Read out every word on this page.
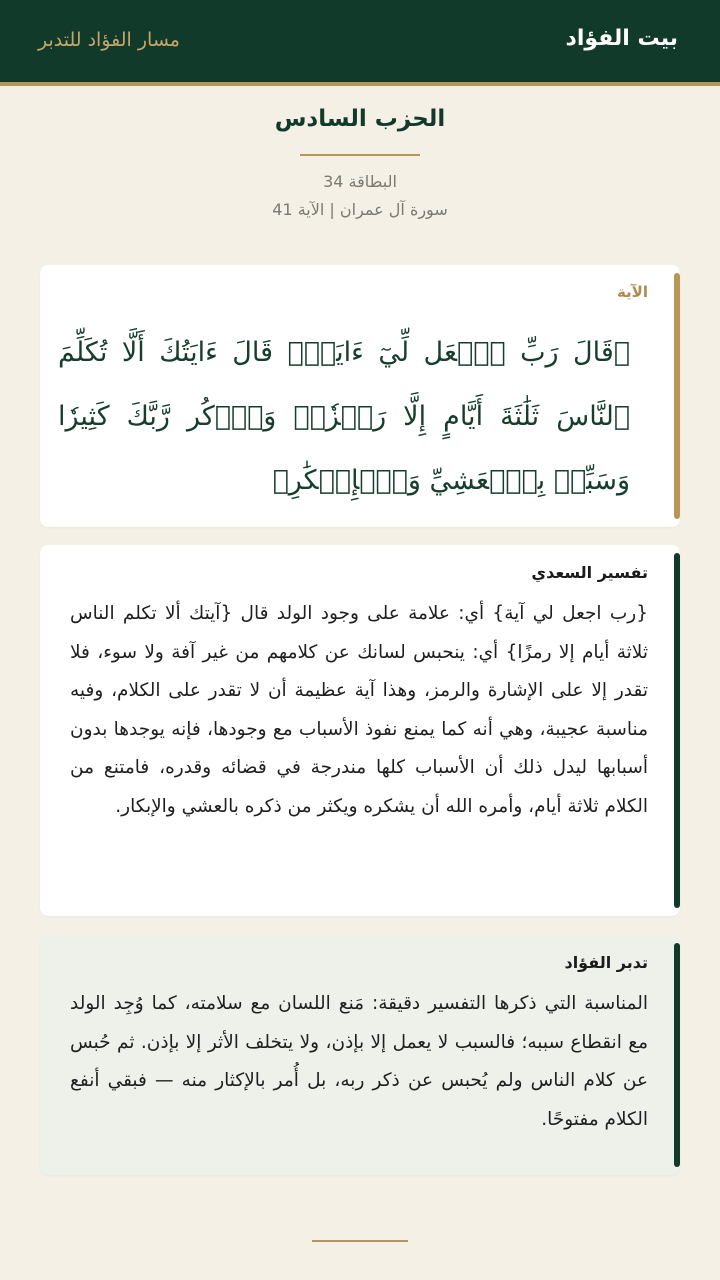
بيت الفؤاد
مسار الفؤاد للتدبر
الحزب السادس
البطاقة 34
سورة آل عمران | الآية 41
الآية
﴿قَالَ رَبِّ ٱجۡعَل لِّيٓ ءَايَةٗۖ قَالَ ءَايَتُكَ أَلَّا تُكَلِّمَ ٱلنَّاسَ ثَلَٰثَةَ أَيَّامٍ إِلَّا رَمۡزٗاۗ وَٱذۡكُر رَّبَّكَ كَثِيرٗا وَسَبِّحۡ بِٱلۡعَشِيِّ وَٱلۡإِبۡكَٰرِ﴾
تفسير السعدي
{رب اجعل لي آية} أي: علامة على وجود الولد قال {آيتك ألا تكلم الناس ثلاثة أيام إلا رمزًا} أي: ينحبس لسانك عن كلامهم من غير آفة ولا سوء، فلا تقدر إلا على الإشارة والرمز، وهذا آية عظيمة أن لا تقدر على الكلام، وفيه مناسبة عجيبة، وهي أنه كما يمنع نفوذ الأسباب مع وجودها، فإنه يوجدها بدون أسبابها ليدل ذلك أن الأسباب كلها مندرجة في قضائه وقدره، فامتنع من الكلام ثلاثة أيام، وأمره الله أن يشكره ويكثر من ذكره بالعشي والإبكار.
تدبر الفؤاد
المناسبة التي ذكرها التفسير دقيقة: مَنع اللسان مع سلامته، كما وُجِد الولد مع انقطاع سببه؛ فالسبب لا يعمل إلا بإذن، ولا يتخلف الأثر إلا بإذن. ثم حُبس عن كلام الناس ولم يُحبس عن ذكر ربه، بل أُمر بالإكثار منه — فبقي أنفع الكلام مفتوحًا.
